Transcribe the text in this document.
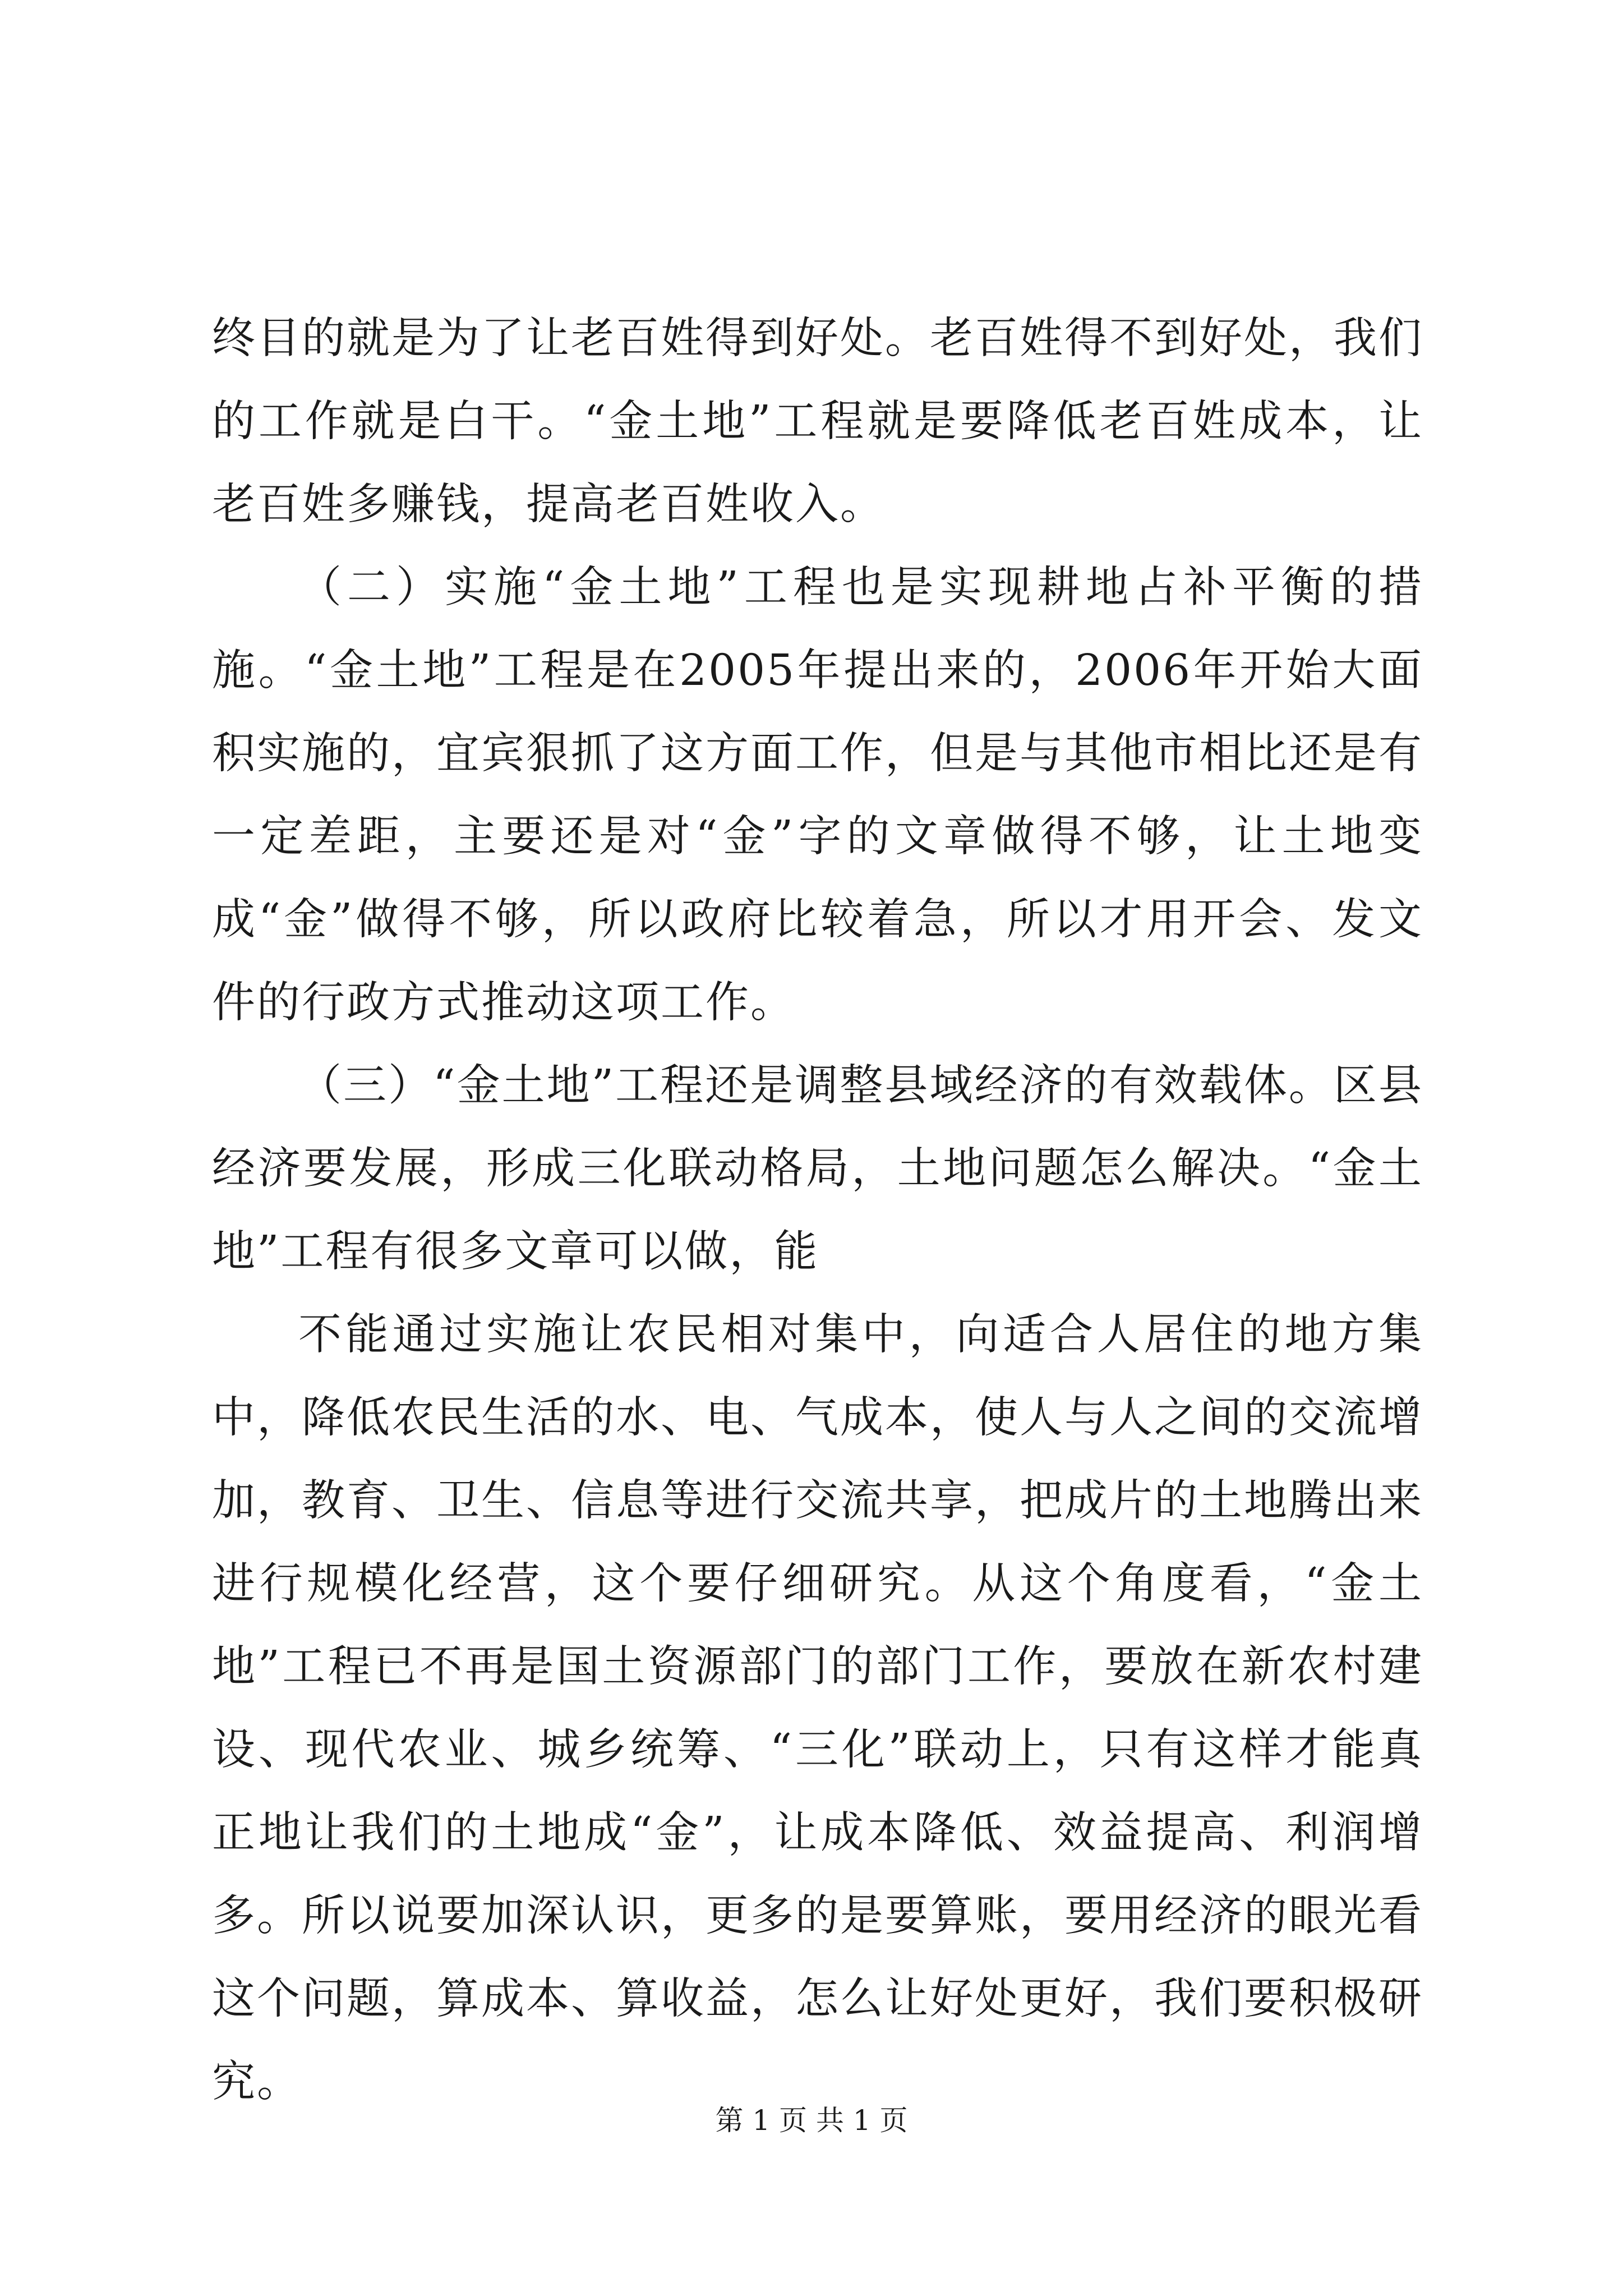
终目的就是为了让老百姓得到好处。老百姓得不到好处，我们的工作就是白干。“金土地”工程就是要降低老百姓成本，让老百姓多赚钱，提高老百姓收入。

（二）实施“金土地”工程也是实现耕地占补平衡的措施。“金土地”工程是在2005年提出来的，2006年开始大面积实施的，宜宾狠抓了这方面工作，但是与其他市相比还是有一定差距，主要还是对“金”字的文章做得不够，让土地变成“金”做得不够，所以政府比较着急，所以才用开会、发文件的行政方式推动这项工作。

（三）“金土地”工程还是调整县域经济的有效载体。区县经济要发展，形成三化联动格局，土地问题怎么解决。“金土地”工程有很多文章可以做，能

不能通过实施让农民相对集中，向适合人居住的地方集中，降低农民生活的水、电、气成本，使人与人之间的交流增加，教育、卫生、信息等进行交流共享，把成片的土地腾出来进行规模化经营，这个要仔细研究。从这个角度看，“金土地”工程已不再是国土资源部门的部门工作，要放在新农村建设、现代农业、城乡统筹、“三化”联动上，只有这样才能真正地让我们的土地成“金”，让成本降低、效益提高、利润增多。所以说要加深认识，更多的是要算账，要用经济的眼光看这个问题，算成本、算收益，怎么让好处更好，我们要积极研究。

第 1 页 共 1 页
